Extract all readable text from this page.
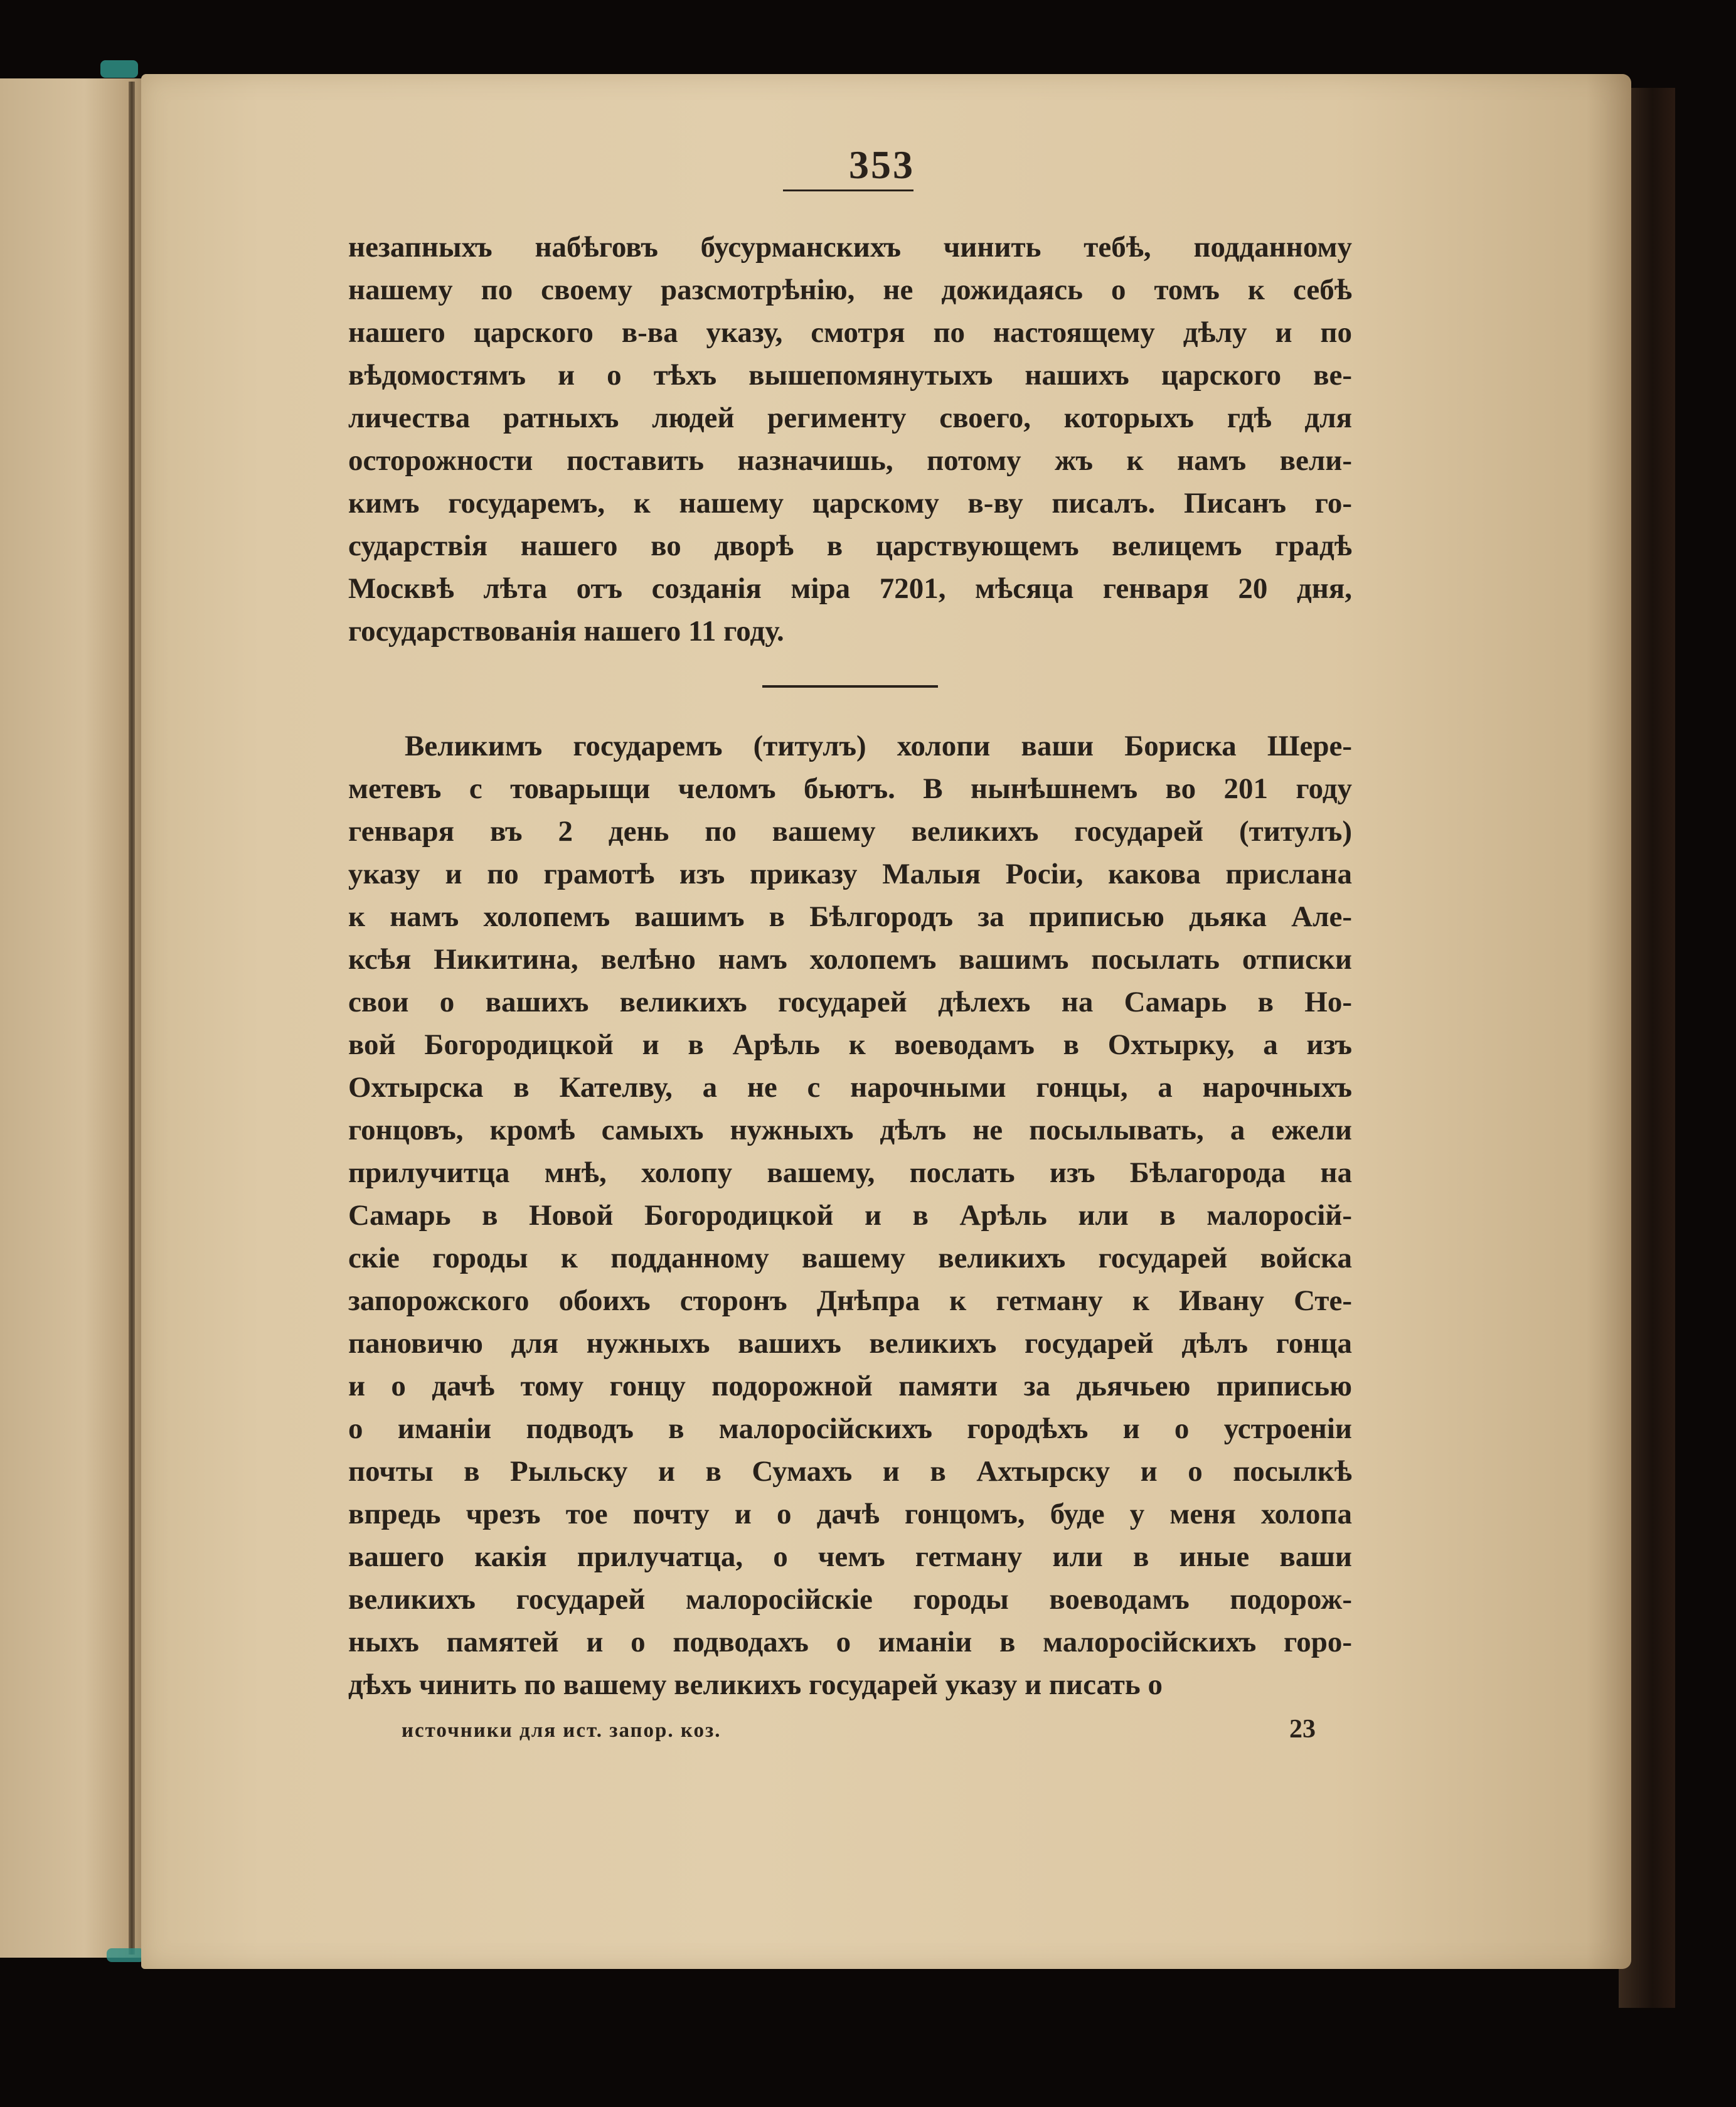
незапныхъ набѣговъ бусурманскихъ чинить тебѣ, подданному
нашему по своему разсмотрѣнію, не дожидаясь о томъ к себѣ
нашего царского в-ва указу, смотря по настоящему дѣлу и по
вѣдомостямъ и о тѣхъ вышепомянутыхъ нашихъ царского ве-
личества ратныхъ людей регименту своего, которыхъ гдѣ для
осторожности поставить назначишь, потому жъ к намъ вели-
кимъ государемъ, к нашему царскому в-ву писалъ. Писанъ го-
сударствія нашего во дворѣ в царствующемъ велицемъ градѣ
Москвѣ лѣта отъ созданія міра 7201, мѣсяца генваря 20 дня,
государствованія нашего 11 году.
Великимъ государемъ (титулъ) холопи ваши Бориска Шере-
метевъ с товарыщи челомъ бьютъ. В нынѣшнемъ во 201 году
генваря въ 2 день по вашему великихъ государей (титулъ)
указу и по грамотѣ изъ приказу Малыя Росіи, какова прислана
к намъ холопемъ вашимъ в Бѣлгородъ за приписью дьяка Але-
ксѣя Никитина, велѣно намъ холопемъ вашимъ посылать отписки
свои о вашихъ великихъ государей дѣлехъ на Самарь в Но-
вой Богородицкой и в Арѣль к воеводамъ в Охтырку, а изъ
Охтырска в Кателву, а не с нарочными гонцы, а нарочныхъ
гонцовъ, кромѣ самыхъ нужныхъ дѣлъ не посылывать, а ежели
прилучитца мнѣ, холопу вашему, послать изъ Бѣлагорода на
Самарь в Новой Богородицкой и в Арѣль или в малоросій-
скіе городы к подданному вашему великихъ государей войска
запорожского обоихъ сторонъ Днѣпра к гетману к Ивану Сте-
пановичю для нужныхъ вашихъ великихъ государей дѣлъ гонца
и о дачѣ тому гонцу подорожной памяти за дьячьею приписью
о иманіи подводъ в малоросійскихъ городѣхъ и о устроеніи
почты в Рыльску и в Сумахъ и в Ахтырску и о посылкѣ
впредь чрезъ тое почту и о дачѣ гонцомъ, буде у меня холопа
вашего какія прилучатца, о чемъ гетману или в иные ваши
великихъ государей малоросійскіе городы воеводамъ подорож-
ныхъ памятей и о подводахъ о иманіи в малоросійскихъ горо-
дѣхъ чинить по вашему великихъ государей указу и писать о
источники для ист. запор. коз.	23
